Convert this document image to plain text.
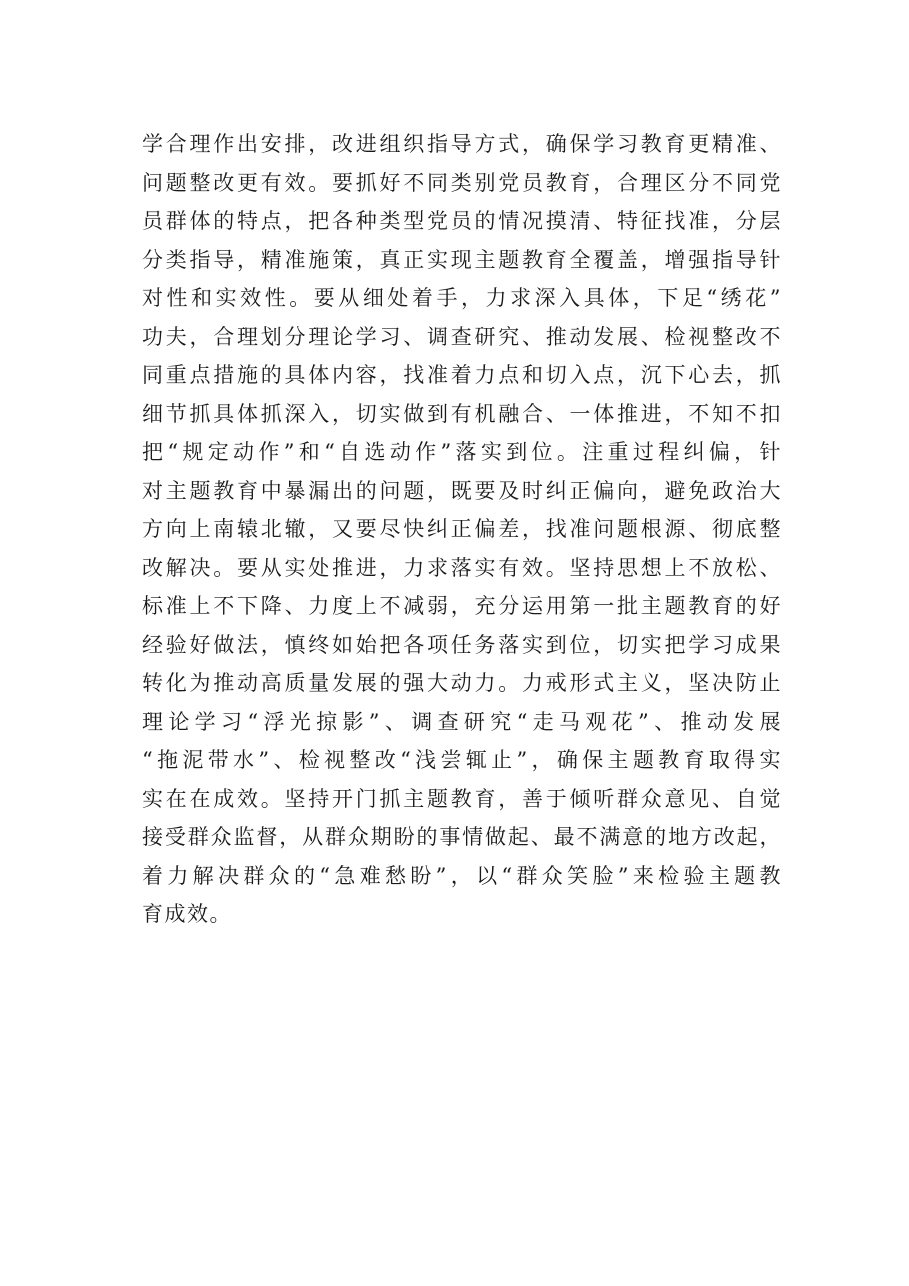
学合理作出安排，改进组织指导方式，确保学习教育更精准、
问题整改更有效。要抓好不同类别党员教育，合理区分不同党
员群体的特点，把各种类型党员的情况摸清、特征找准，分层
分类指导，精准施策，真正实现主题教育全覆盖，增强指导针
对性和实效性。要从细处着手，力求深入具体，下足“绣花”
功夫，合理划分理论学习、调查研究、推动发展、检视整改不
同重点措施的具体内容，找准着力点和切入点，沉下心去，抓
细节抓具体抓深入，切实做到有机融合、一体推进，不知不扣
把“规定动作”和“自选动作”落实到位。注重过程纠偏，针
对主题教育中暴漏出的问题，既要及时纠正偏向，避免政治大
方向上南辕北辙，又要尽快纠正偏差，找准问题根源、彻底整
改解决。要从实处推进，力求落实有效。坚持思想上不放松、
标准上不下降、力度上不减弱，充分运用第一批主题教育的好
经验好做法，慎终如始把各项任务落实到位，切实把学习成果
转化为推动高质量发展的强大动力。力戒形式主义，坚决防止
理论学习“浮光掠影”、调查研究“走马观花”、推动发展
“拖泥带水”、检视整改“浅尝辄止”，确保主题教育取得实
实在在成效。坚持开门抓主题教育，善于倾听群众意见、自觉
接受群众监督，从群众期盼的事情做起、最不满意的地方改起，
着力解决群众的“急难愁盼”，以“群众笑脸”来检验主题教
育成效。
